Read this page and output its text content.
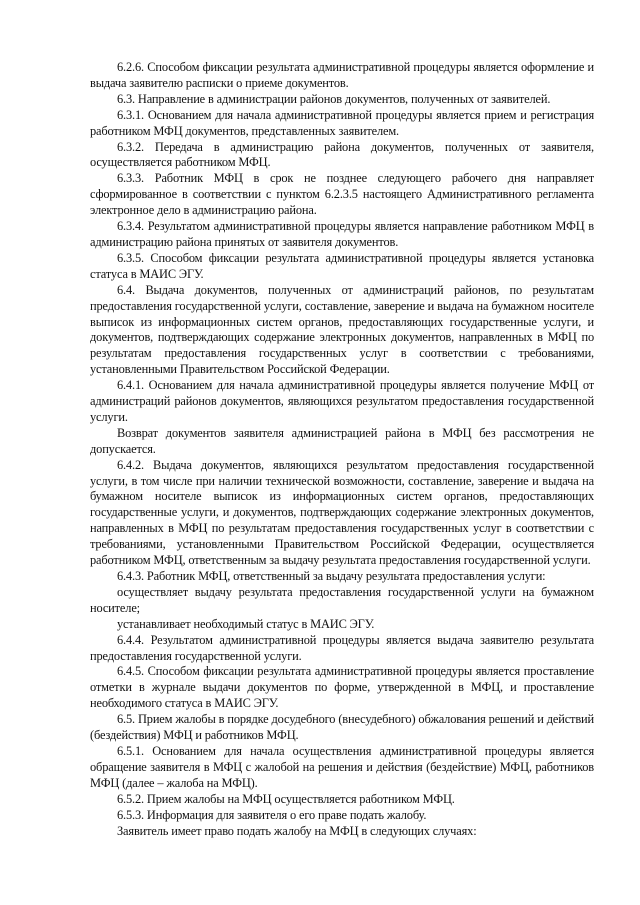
6.2.6. Способом фиксации результата административной процедуры является оформление и выдача заявителю расписки о приеме документов.

6.3. Направление в администрации районов документов, полученных от заявителей.

6.3.1. Основанием для начала административной процедуры является прием и регистрация работником МФЦ документов, представленных заявителем.

6.3.2. Передача в администрацию района документов, полученных от заявителя, осуществляется работником МФЦ.

6.3.3. Работник МФЦ в срок не позднее следующего рабочего дня направляет сформированное в соответствии с пунктом 6.2.3.5 настоящего Административного регламента электронное дело в администрацию района.

6.3.4. Результатом административной процедуры является направление работником МФЦ в администрацию района принятых от заявителя документов.

6.3.5. Способом фиксации результата административной процедуры является установка статуса в МАИС ЭГУ.

6.4. Выдача документов, полученных от администраций районов, по результатам предоставления государственной услуги, составление, заверение и выдача на бумажном носителе выписок из информационных систем органов, предоставляющих государственные услуги, и документов, подтверждающих содержание электронных документов, направленных в МФЦ по результатам предоставления государственных услуг в соответствии с требованиями, установленными Правительством Российской Федерации.

6.4.1. Основанием для начала административной процедуры является получение МФЦ от администраций районов документов, являющихся результатом предоставления государственной услуги.

Возврат документов заявителя администрацией района в МФЦ без рассмотрения не допускается.

6.4.2. Выдача документов, являющихся результатом предоставления государственной услуги, в том числе при наличии технической возможности, составление, заверение и выдача на бумажном носителе выписок из информационных систем органов, предоставляющих государственные услуги, и документов, подтверждающих содержание электронных документов, направленных в МФЦ по результатам предоставления государственных услуг в соответствии с требованиями, установленными Правительством Российской Федерации, осуществляется работником МФЦ, ответственным за выдачу результата предоставления государственной услуги.

6.4.3. Работник МФЦ, ответственный за выдачу результата предоставления услуги:

осуществляет выдачу результата предоставления государственной услуги на бумажном носителе;

устанавливает необходимый статус в МАИС ЭГУ.

6.4.4. Результатом административной процедуры является выдача заявителю результата предоставления государственной услуги.

6.4.5. Способом фиксации результата административной процедуры является проставление отметки в журнале выдачи документов по форме, утвержденной в МФЦ, и проставление необходимого статуса в МАИС ЭГУ.

6.5. Прием жалобы в порядке досудебного (внесудебного) обжалования решений и действий (бездействия) МФЦ и работников МФЦ.

6.5.1. Основанием для начала осуществления административной процедуры является обращение заявителя в МФЦ с жалобой на решения и действия (бездействие) МФЦ, работников МФЦ (далее – жалоба на МФЦ).

6.5.2. Прием жалобы на МФЦ осуществляется работником МФЦ.

6.5.3. Информация для заявителя о его праве подать жалобу.

Заявитель имеет право подать жалобу на МФЦ в следующих случаях:
